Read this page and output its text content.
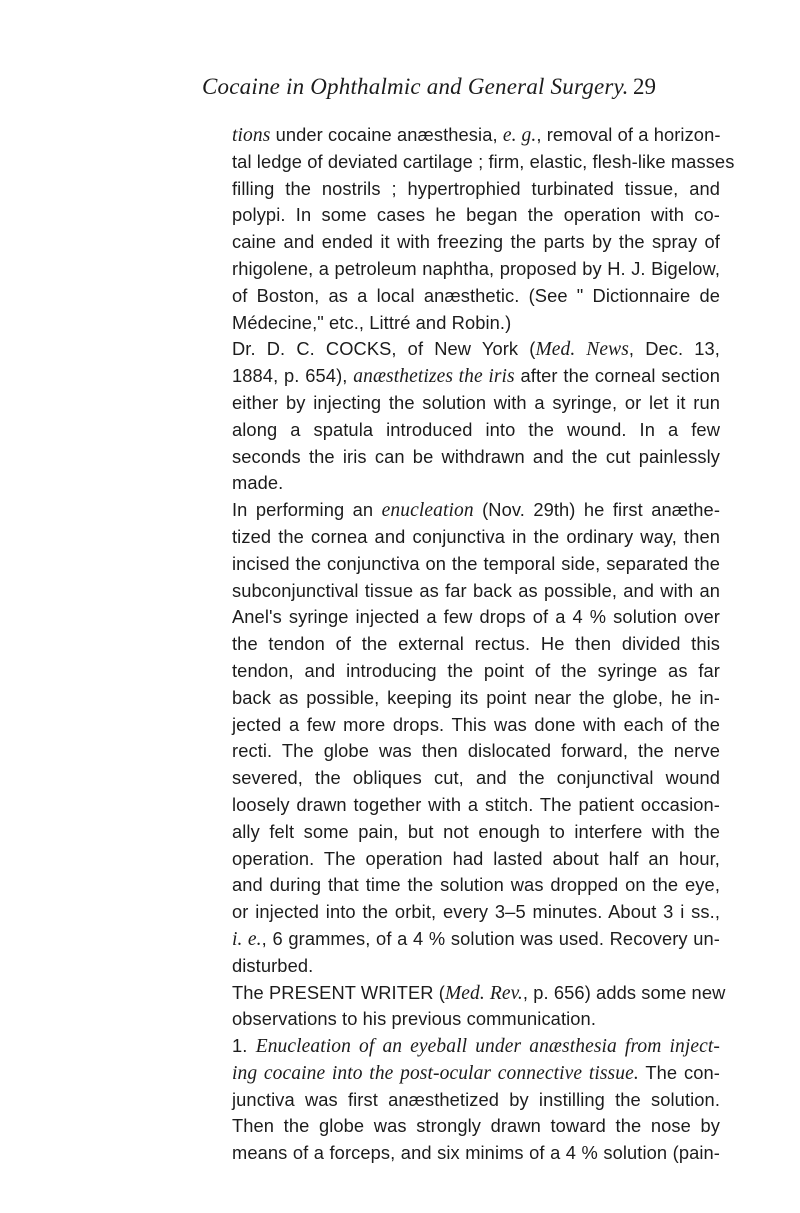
Cocaine in Ophthalmic and General Surgery. 29
tions under cocaine anæsthesia, e. g., removal of a horizon-
tal ledge of deviated cartilage ; firm, elastic, flesh-like masses
filling the nostrils ; hypertrophied turbinated tissue, and
polypi. In some cases he began the operation with co-
caine and ended it with freezing the parts by the spray of
rhigolene, a petroleum naphtha, proposed by H. J. Bigelow,
of Boston, as a local anæsthetic. (See " Dictionnaire de
Médecine," etc., Littré and Robin.)
Dr. D. C. COCKS, of New York (Med. News, Dec. 13,
1884, p. 654), anæsthetizes the iris after the corneal section
either by injecting the solution with a syringe, or let it run
along a spatula introduced into the wound. In a few
seconds the iris can be withdrawn and the cut painlessly
made.
In performing an enucleation (Nov. 29th) he first anæthe-
tized the cornea and conjunctiva in the ordinary way, then
incised the conjunctiva on the temporal side, separated the
subconjunctival tissue as far back as possible, and with an
Anel's syringe injected a few drops of a 4 % solution over
the tendon of the external rectus. He then divided this
tendon, and introducing the point of the syringe as far
back as possible, keeping its point near the globe, he in-
jected a few more drops. This was done with each of the
recti. The globe was then dislocated forward, the nerve
severed, the obliques cut, and the conjunctival wound
loosely drawn together with a stitch. The patient occasion-
ally felt some pain, but not enough to interfere with the
operation. The operation had lasted about half an hour,
and during that time the solution was dropped on the eye,
or injected into the orbit, every 3–5 minutes. About 3 i ss.,
i. e., 6 grammes, of a 4 % solution was used. Recovery un-
disturbed.
The PRESENT WRITER (Med. Rev., p. 656) adds some new
observations to his previous communication.
1. Enucleation of an eyeball under anæsthesia from inject-
ing cocaine into the post-ocular connective tissue. The con-
junctiva was first anæsthetized by instilling the solution.
Then the globe was strongly drawn toward the nose by
means of a forceps, and six minims of a 4 % solution (pain-
